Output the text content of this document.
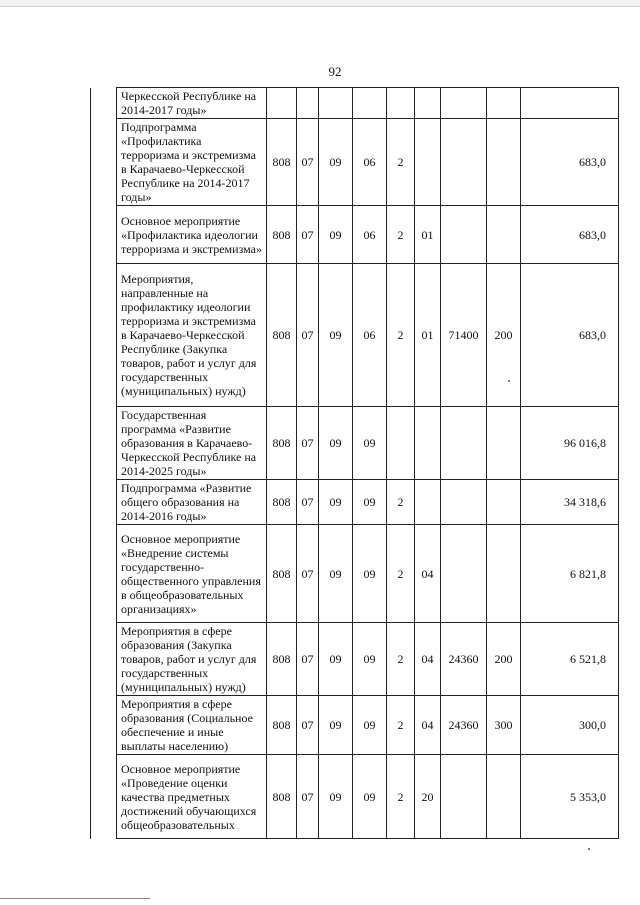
92
	Черкесской Республике на 2014-2017 годы»									
	Подпрограмма «Профилактика терроризма и экстремизма в Карачаево-Черкесской Республике на 2014-2017 годы»	808	07	09	06	2				683,0
	Основное мероприятие «Профилактика идеологии терроризма и экстремизма»	808	07	09	06	2	01			683,0
	Мероприятия, направленные на профилактику идеологии терроризма и экстремизма в Карачаево-Черкесской Республике (Закупка товаров, работ и услуг для государственных (муниципальных) нужд)	808	07	09	06	2	01	71400	200	683,0
	Государственная программа «Развитие образования в Карачаево-Черкесской Республике на 2014-2025 годы»	808	07	09	09					96 016,8
	Подпрограмма «Развитие общего образования на 2014-2016 годы»	808	07	09	09	2				34 318,6
	Основное мероприятие «Внедрение системы государственно-общественного управления в общеобразовательных организациях»	808	07	09	09	2	04			6 821,8
	Мероприятия в сфере образования (Закупка товаров, работ и услуг для государственных (муниципальных) нужд)	808	07	09	09	2	04	24360	200	6 521,8
	Мероприятия в сфере образования (Социальное обеспечение и иные выплаты населению)	808	07	09	09	2	04	24360	300	300,0
	Основное мероприятие «Проведение оценки качества предметных достижений обучающихся общеобразовательных	808	07	09	09	2	20			5 353,0
